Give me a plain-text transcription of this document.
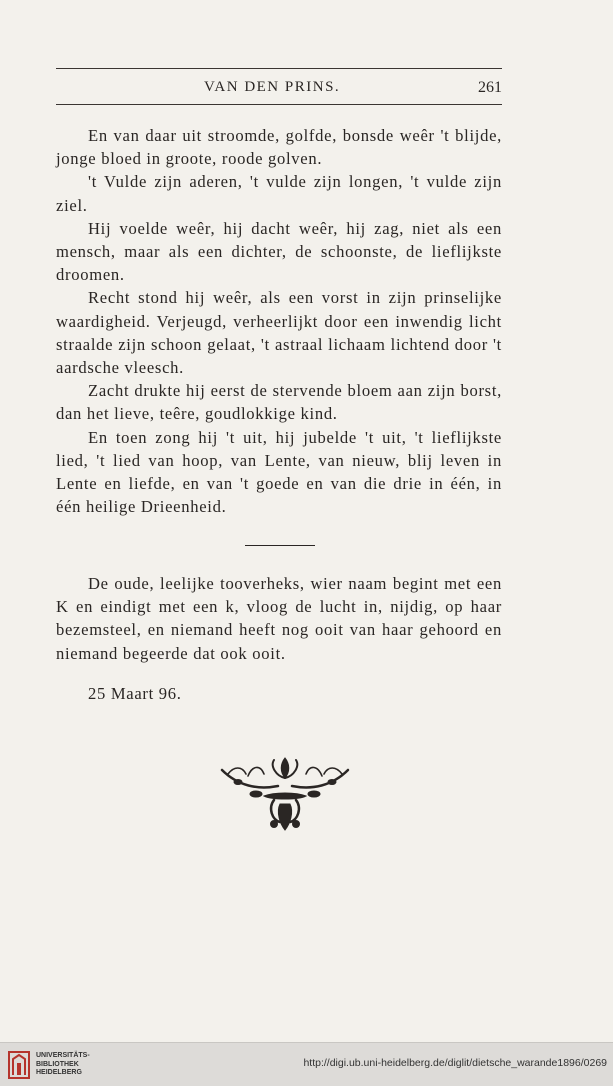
VAN DEN PRINS.	261

En van daar uit stroomde, golfde, bonsde weêr 't blijde, jonge bloed in groote, roode golven.

't Vulde zijn aderen, 't vulde zijn longen, 't vulde zijn ziel.

Hij voelde weêr, hij dacht weêr, hij zag, niet als een mensch, maar als een dichter, de schoonste, de lieflijkste droomen.

Recht stond hij weêr, als een vorst in zijn prinselijke waardigheid. Verjeugd, verheerlijkt door een inwendig licht straalde zijn schoon gelaat, 't astraal lichaam lichtend door 't aardsche vleesch.

Zacht drukte hij eerst de stervende bloem aan zijn borst, dan het lieve, teêre, goudlokkige kind.

En toen zong hij 't uit, hij jubelde 't uit, 't lieflijkste lied, 't lied van hoop, van Lente, van nieuw, blij leven in Lente en liefde, en van 't goede en van die drie in één, in één heilige Drieenheid.

De oude, leelijke tooverheks, wier naam begint met een K en eindigt met een k, vloog de lucht in, nijdig, op haar bezemsteel, en niemand heeft nog ooit van haar gehoord en niemand begeerde dat ook ooit.

25 Maart 96.
UNIVERSITÄTS-
BIBLIOTHEK
HEIDELBERG
http://digi.ub.uni-heidelberg.de/diglit/dietsche_warande1896/0269
